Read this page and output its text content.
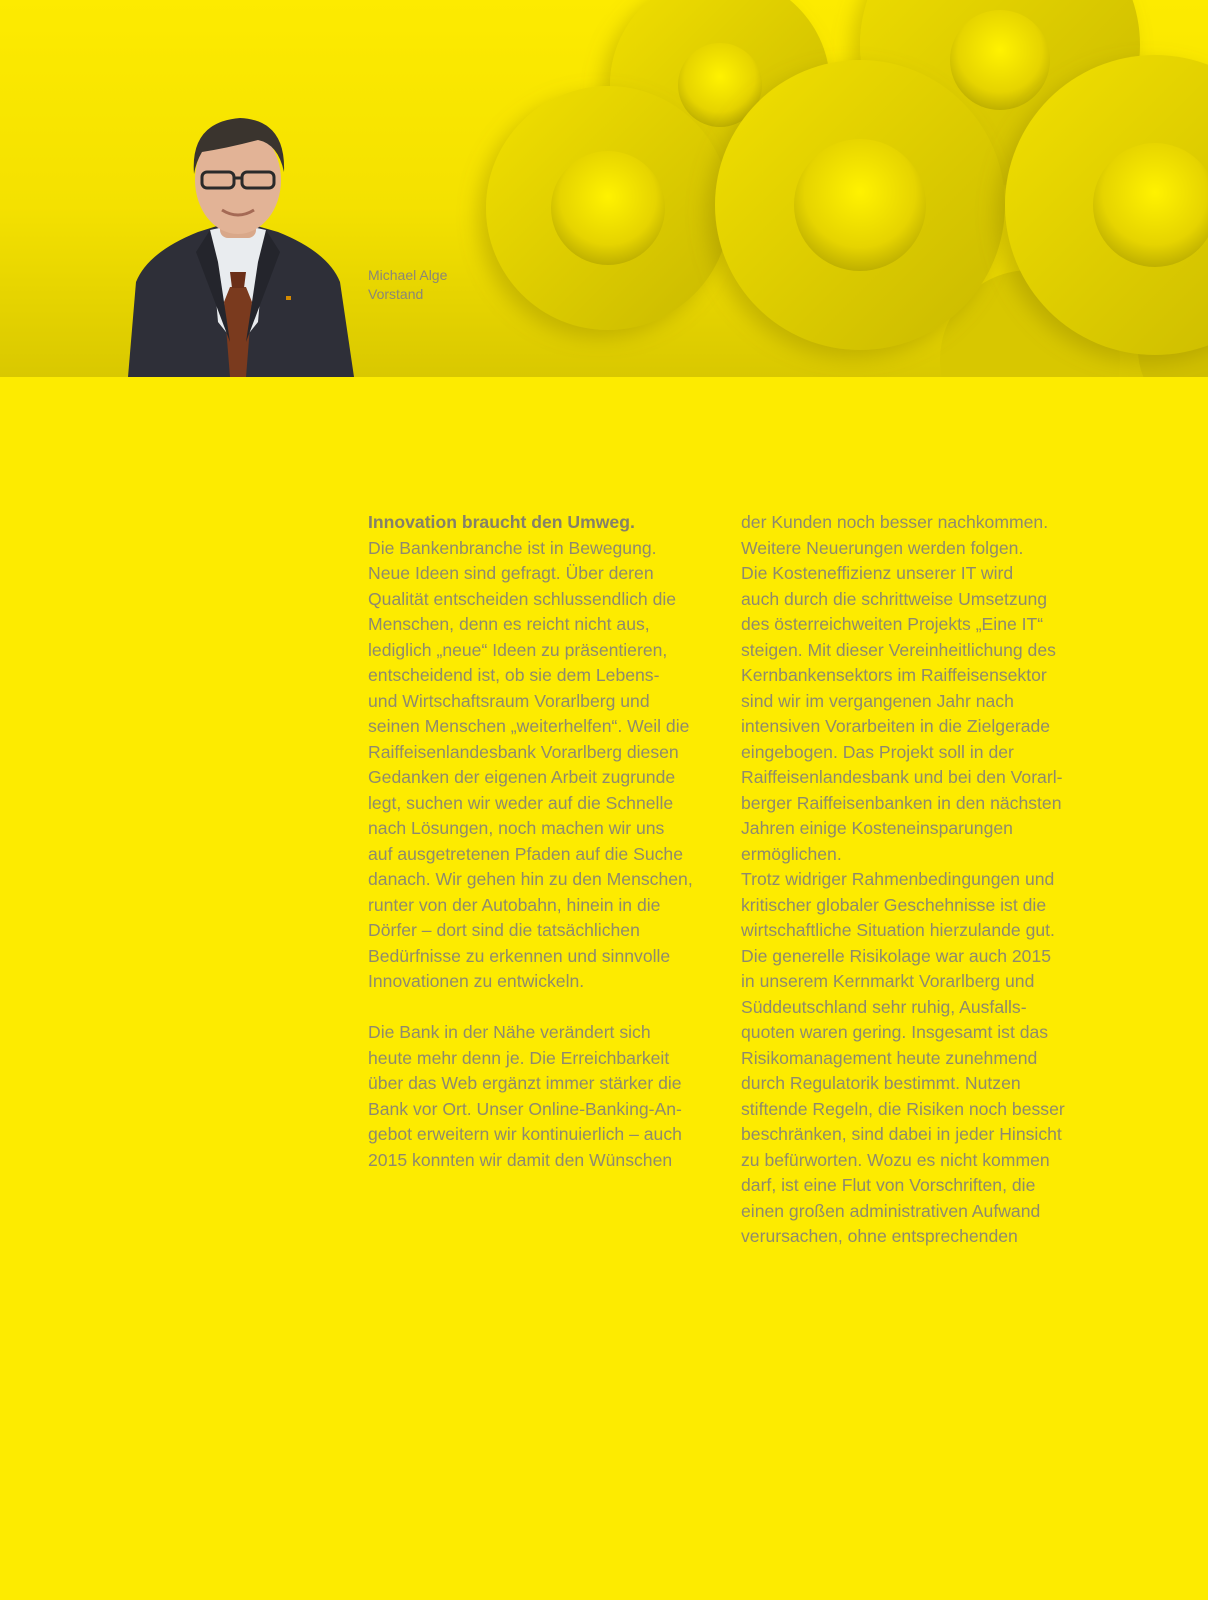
Michael Alge
Vorstand

Innovation braucht den Umweg.

Die Bankenbranche ist in Bewegung.

Neue Ideen sind gefragt. Über deren

Qualität entscheiden schlussendlich die

Menschen, denn es reicht nicht aus,

lediglich „neue“ Ideen zu präsentieren,

entscheidend ist, ob sie dem Lebens-

und Wirtschaftsraum Vorarlberg und

seinen Menschen „weiterhelfen“. Weil die

Raiffeisenlandesbank Vorarlberg diesen

Gedanken der eigenen Arbeit zugrunde

legt, suchen wir weder auf die Schnelle

nach Lösungen, noch machen wir uns

auf ausgetretenen Pfaden auf die Suche

danach. Wir gehen hin zu den Menschen,

runter von der Autobahn, hinein in die

Dörfer – dort sind die tatsächlichen

Bedürfnisse zu erkennen und sinnvolle

Innovationen zu entwickeln.

Die Bank in der Nähe verändert sich

heute mehr denn je. Die Erreichbarkeit

über das Web ergänzt immer stärker die

Bank vor Ort. Unser Online-Banking-An-

gebot erweitern wir kontinuierlich – auch

2015 konnten wir damit den Wünschen

der Kunden noch besser nachkommen.

Weitere Neuerungen werden folgen.

Die Kosteneffizienz unserer IT wird

auch durch die schrittweise Umsetzung

des österreichweiten Projekts „Eine IT“

steigen. Mit dieser Vereinheitlichung des

Kernbankensektors im Raiffeisensektor

sind wir im vergangenen Jahr nach

intensiven Vorarbeiten in die Zielgerade

eingebogen. Das Projekt soll in der

Raiffeisenlandesbank und bei den Vorarl-

berger Raiffeisenbanken in den nächsten

Jahren einige Kosteneinsparungen

ermöglichen.

Trotz widriger Rahmenbedingungen und

kritischer globaler Geschehnisse ist die

wirtschaftliche Situation hierzulande gut.

Die generelle Risikolage war auch 2015

in unserem Kernmarkt Vorarlberg und

Süddeutschland sehr ruhig, Ausfalls-

quoten waren gering. Insgesamt ist das

Risikomanagement heute zunehmend

durch Regulatorik bestimmt. Nutzen

stiftende Regeln, die Risiken noch besser

beschränken, sind dabei in jeder Hinsicht

zu befürworten. Wozu es nicht kommen

darf, ist eine Flut von Vorschriften, die

einen großen administrativen Aufwand

verursachen, ohne entsprechenden
